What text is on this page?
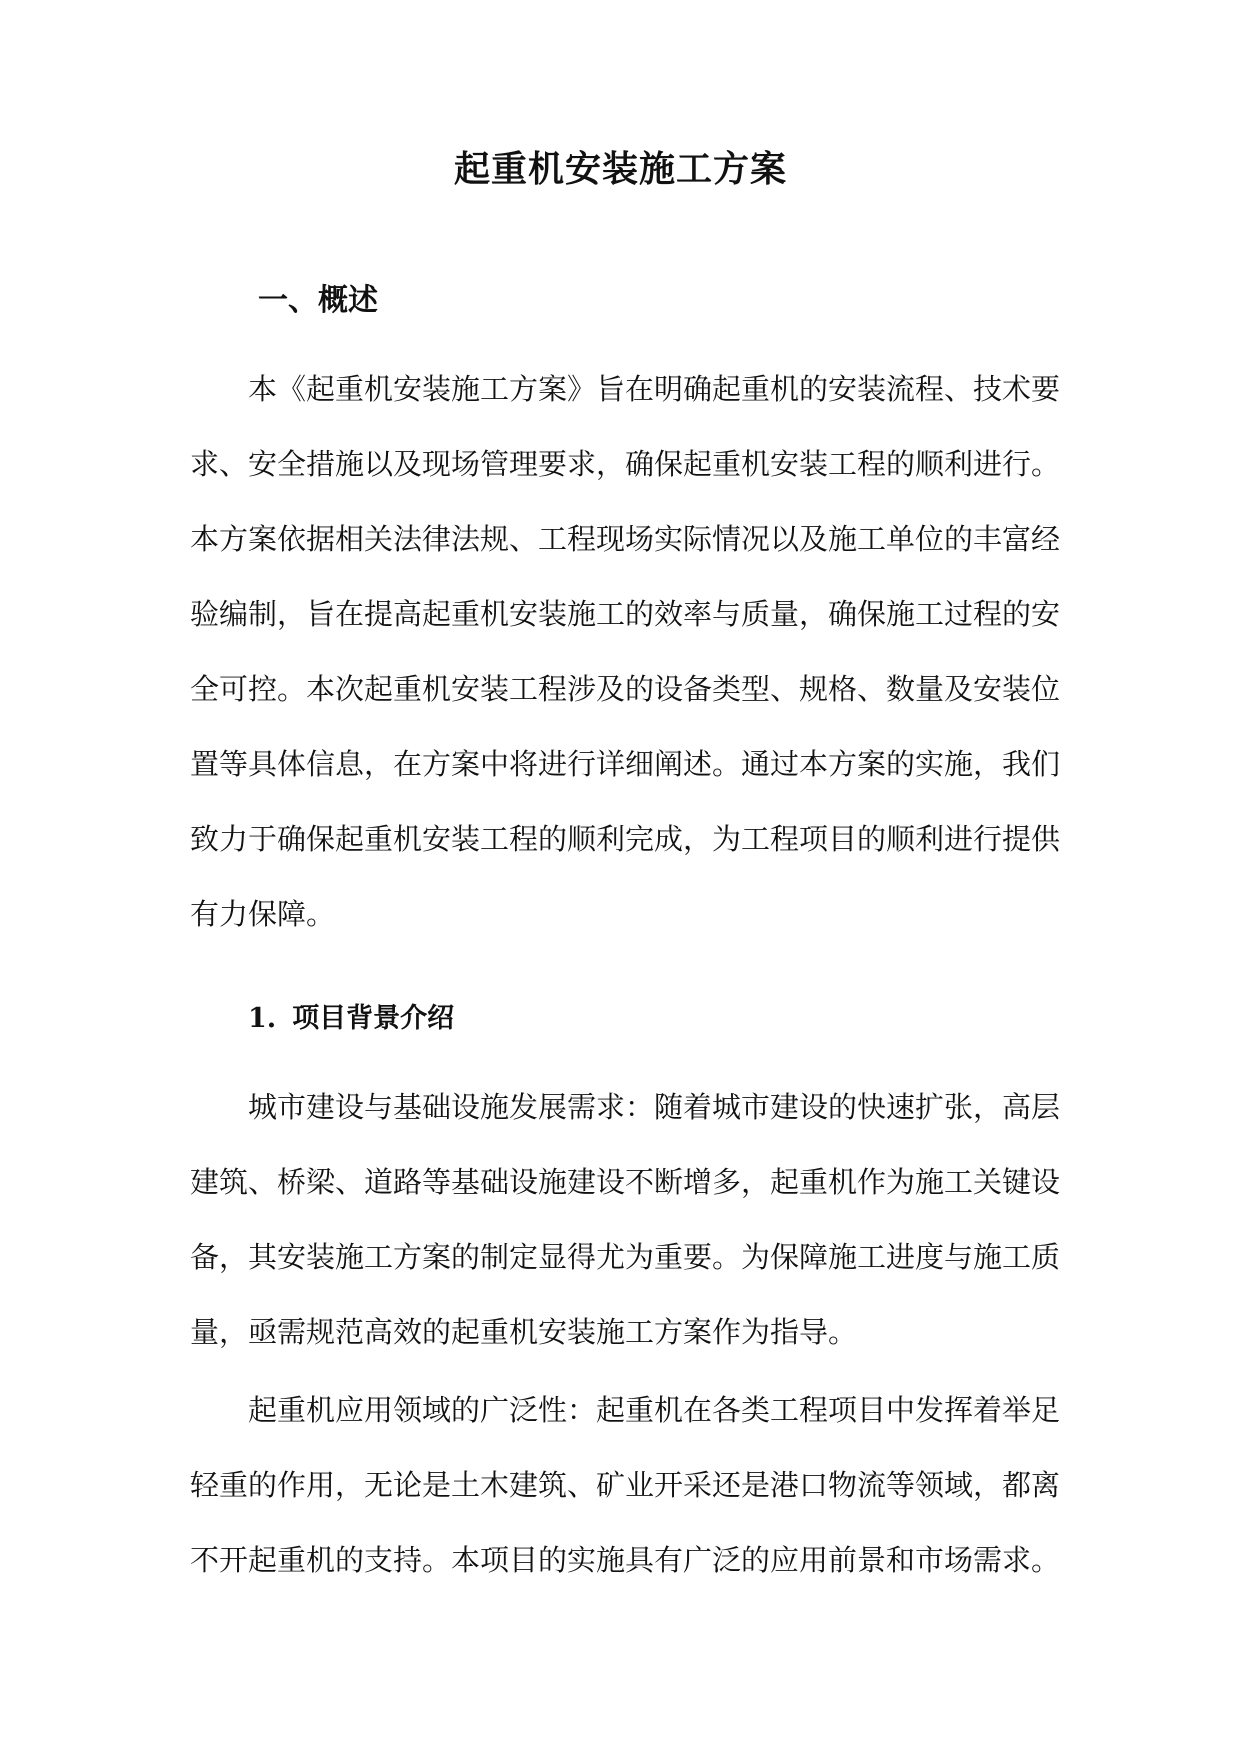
起重机安装施工方案
一、概述

本《起重机安装施工方案》旨在明确起重机的安装流程、技术要
求、安全措施以及现场管理要求，确保起重机安装工程的顺利进行。
本方案依据相关法律法规、工程现场实际情况以及施工单位的丰富经
验编制，旨在提高起重机安装施工的效率与质量，确保施工过程的安
全可控。本次起重机安装工程涉及的设备类型、规格、数量及安装位
置等具体信息，在方案中将进行详细阐述。通过本方案的实施，我们
致力于确保起重机安装工程的顺利完成，为工程项目的顺利进行提供
有力保障。

1. 项目背景介绍

城市建设与基础设施发展需求：随着城市建设的快速扩张，高层
建筑、桥梁、道路等基础设施建设不断增多，起重机作为施工关键设
备，其安装施工方案的制定显得尤为重要。为保障施工进度与施工质
量，亟需规范高效的起重机安装施工方案作为指导。

起重机应用领域的广泛性：起重机在各类工程项目中发挥着举足
轻重的作用，无论是土木建筑、矿业开采还是港口物流等领域，都离
不开起重机的支持。本项目的实施具有广泛的应用前景和市场需求。
